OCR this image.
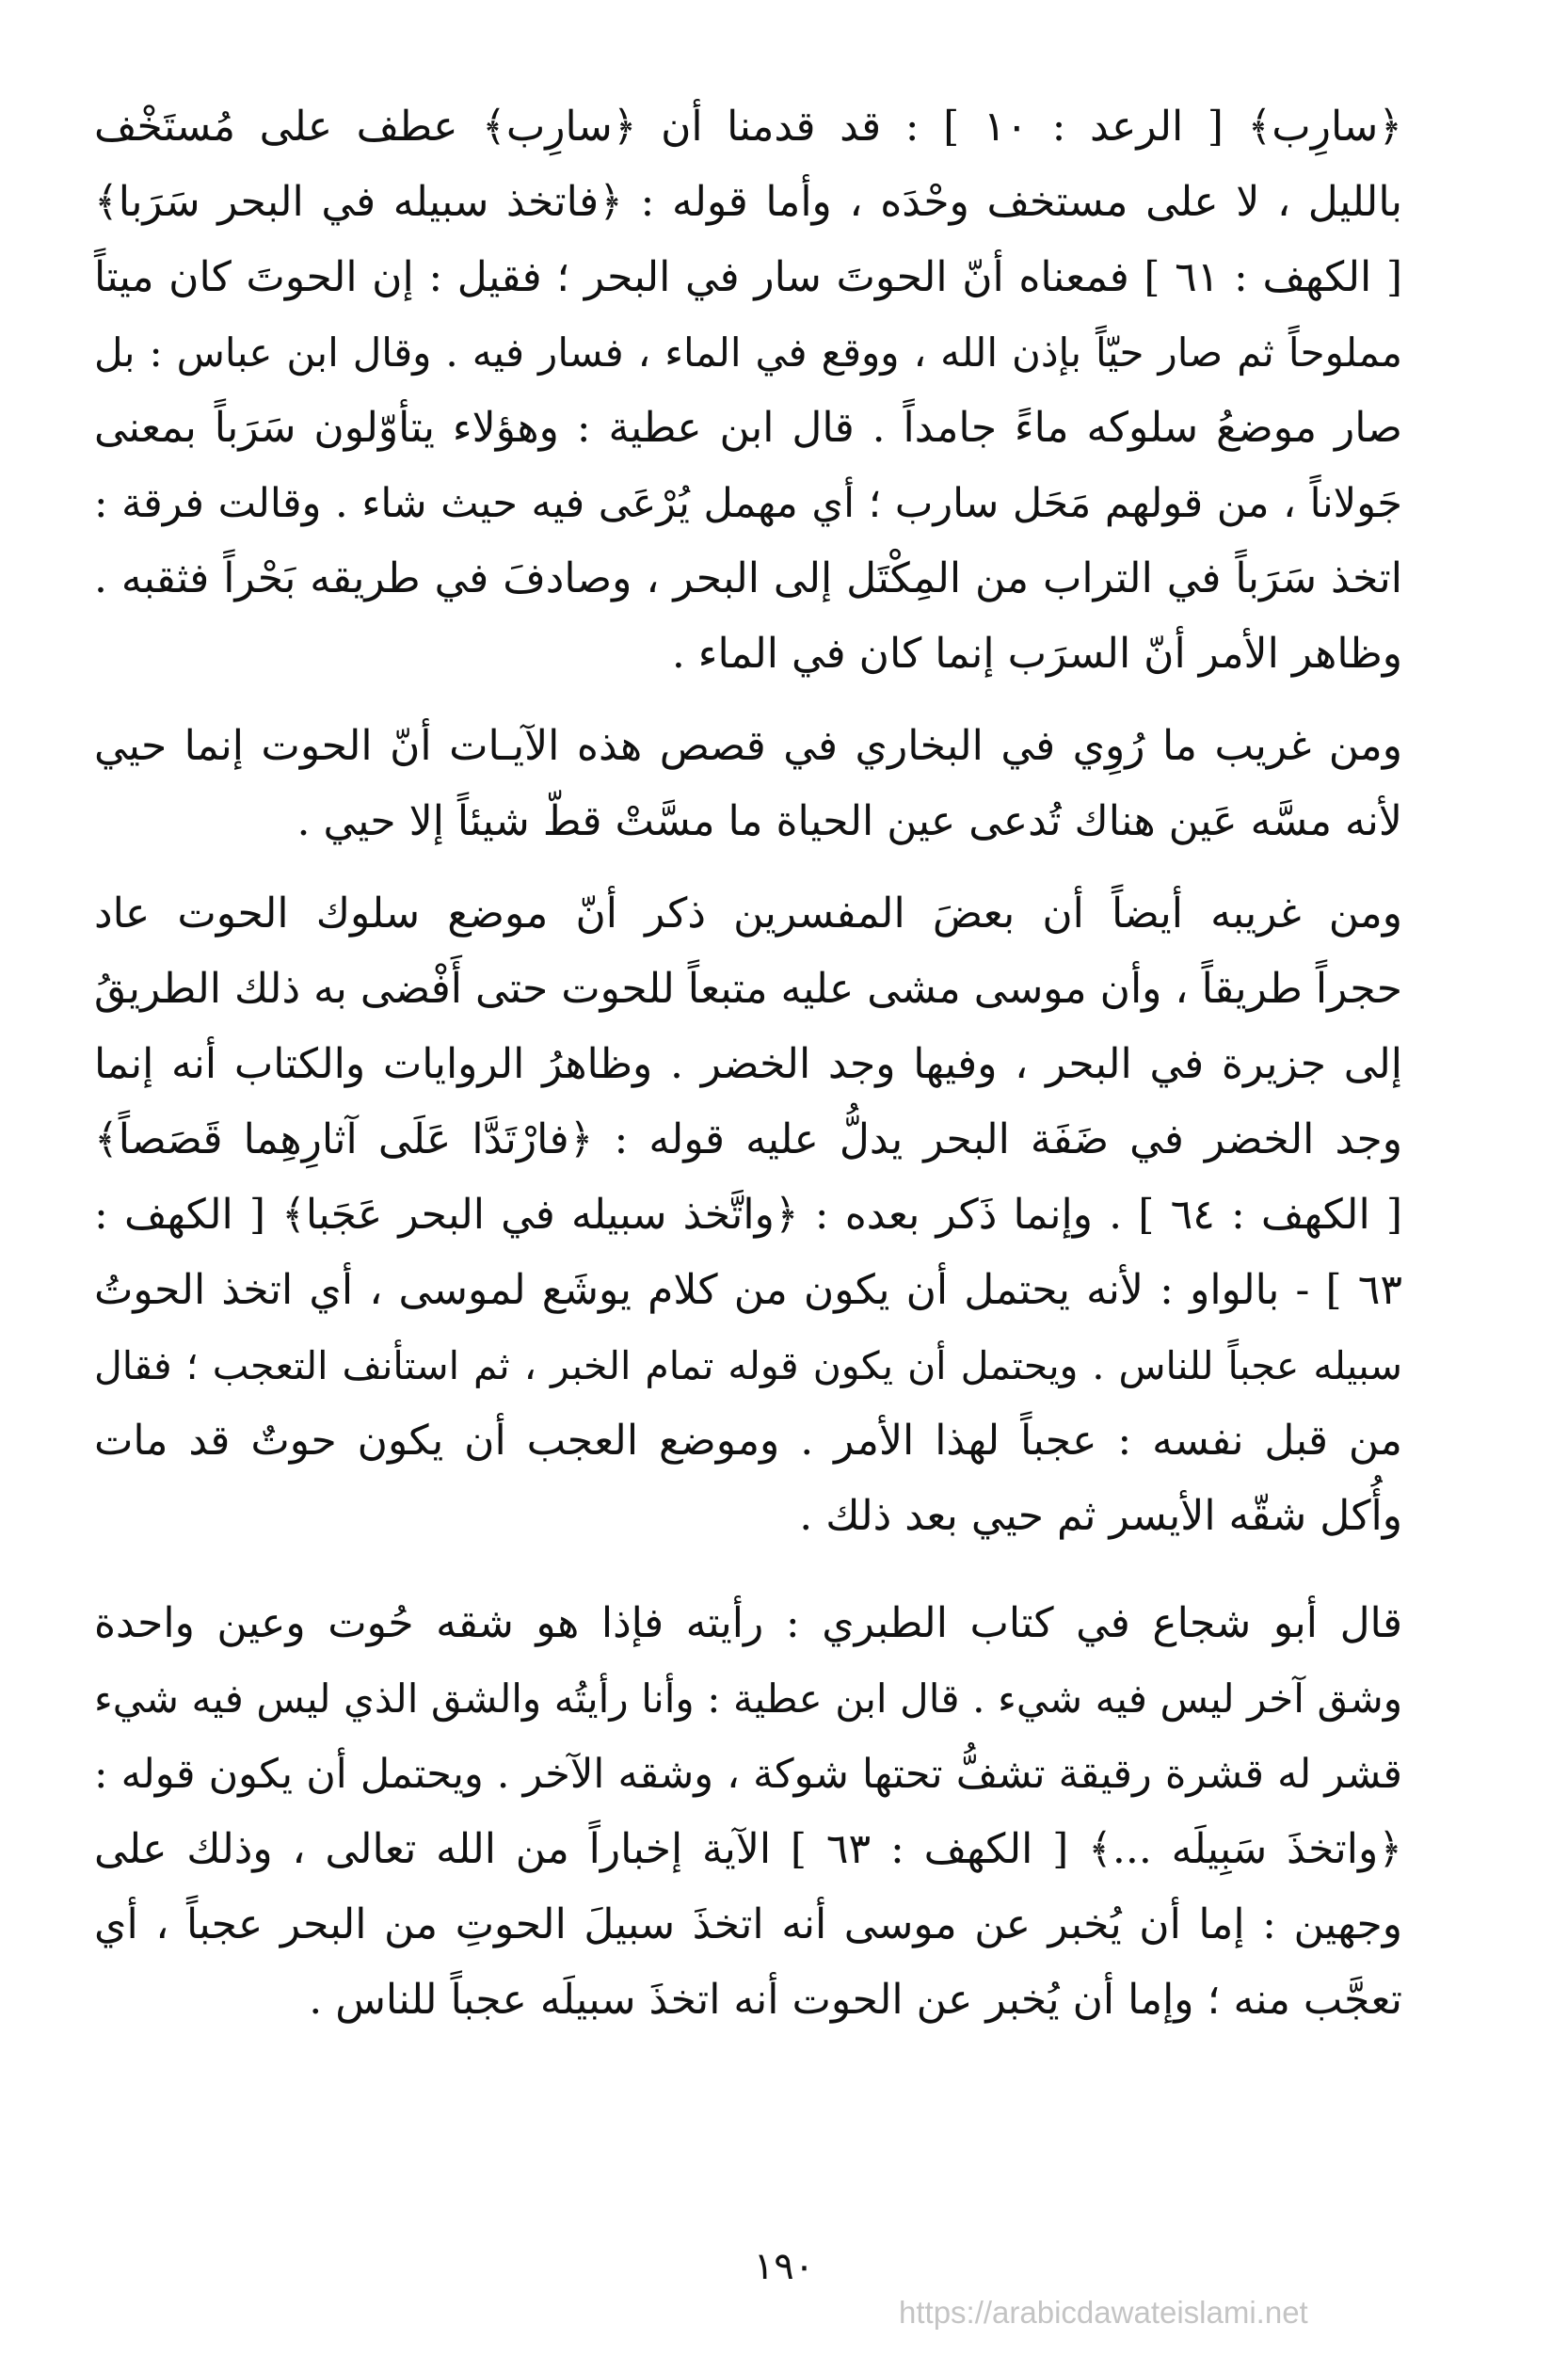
﴿سارِب﴾ [ الرعد : ١٠ ] : قد قدمنا أن ﴿سارِب﴾ عطف على مُستَخْف
بالليل ، لا على مستخف وحْدَه ، وأما قوله : ﴿فاتخذ سبيله في البحر سَرَبا﴾
[ الكهف : ٦١ ] فمعناه أنّ الحوتَ سار في البحر ؛ فقيل : إن الحوتَ كان ميتاً
مملوحاً ثم صار حيّاً بإذن الله ، ووقع في الماء ، فسار فيه . وقال ابن عباس : بل
صار موضعُ سلوكه ماءً جامداً . قال ابن عطية : وهؤلاء يتأوّلون سَرَباً بمعنى
جَولاناً ، من قولهم مَحَل سارب ؛ أي مهمل يُرْعَى فيه حيث شاء . وقالت فرقة :
اتخذ سَرَباً في التراب من المِكْتَل إلى البحر ، وصادفَ في طريقه بَحْراً فثقبه .
وظاهر الأمر أنّ السرَب إنما كان في الماء .
ومن غريب ما رُوِي في البخاري في قصص هذه الآيـات أنّ الحوت إنما حيي
لأنه مسَّه عَين هناك تُدعى عين الحياة ما مسَّتْ قطّ شيئاً إلا حيي .
ومن غريبه أيضاً أن بعضَ المفسرين ذكر أنّ موضع سلوك الحوت عاد
حجراً طريقاً ، وأن موسى مشى عليه متبعاً للحوت حتى أَفْضى به ذلك الطريقُ
إلى جزيرة في البحر ، وفيها وجد الخضر . وظاهرُ الروايات والكتاب أنه إنما
وجد الخضر في ضَفَة البحر يدلُّ عليه قوله : ﴿فارْتَدَّا عَلَى آثارِهِما قَصَصاً﴾
[ الكهف : ٦٤ ] . وإنما ذَكر بعده : ﴿واتَّخذ سبيله في البحر عَجَبا﴾ [ الكهف :
٦٣ ] - بالواو : لأنه يحتمل أن يكون من كلام يوشَع لموسى ، أي اتخذ الحوتُ
سبيله عجباً للناس . ويحتمل أن يكون قوله تمام الخبر ، ثم استأنف التعجب ؛ فقال
من قبل نفسه : عجباً لهذا الأمر . وموضع العجب أن يكون حوتٌ قد مات
وأُكل شقّه الأيسر ثم حيي بعد ذلك .
قال أبو شجاع في كتاب الطبري : رأيته فإذا هو شقه حُوت وعين واحدة
وشق آخر ليس فيه شيء . قال ابن عطية : وأنا رأيتُه والشق الذي ليس فيه شيء
قشر له قشرة رقيقة تشفُّ تحتها شوكة ، وشقه الآخر . ويحتمل أن يكون قوله :
﴿واتخذَ سَبِيلَه ...﴾ [ الكهف : ٦٣ ] الآية إخباراً من الله تعالى ، وذلك على
وجهين : إما أن يُخبر عن موسى أنه اتخذَ سبيلَ الحوتِ من البحر عجباً ، أي
تعجَّب منه ؛ وإما أن يُخبر عن الحوت أنه اتخذَ سبيلَه عجباً للناس .
١٩٠
https://arabicdawateislami.net
